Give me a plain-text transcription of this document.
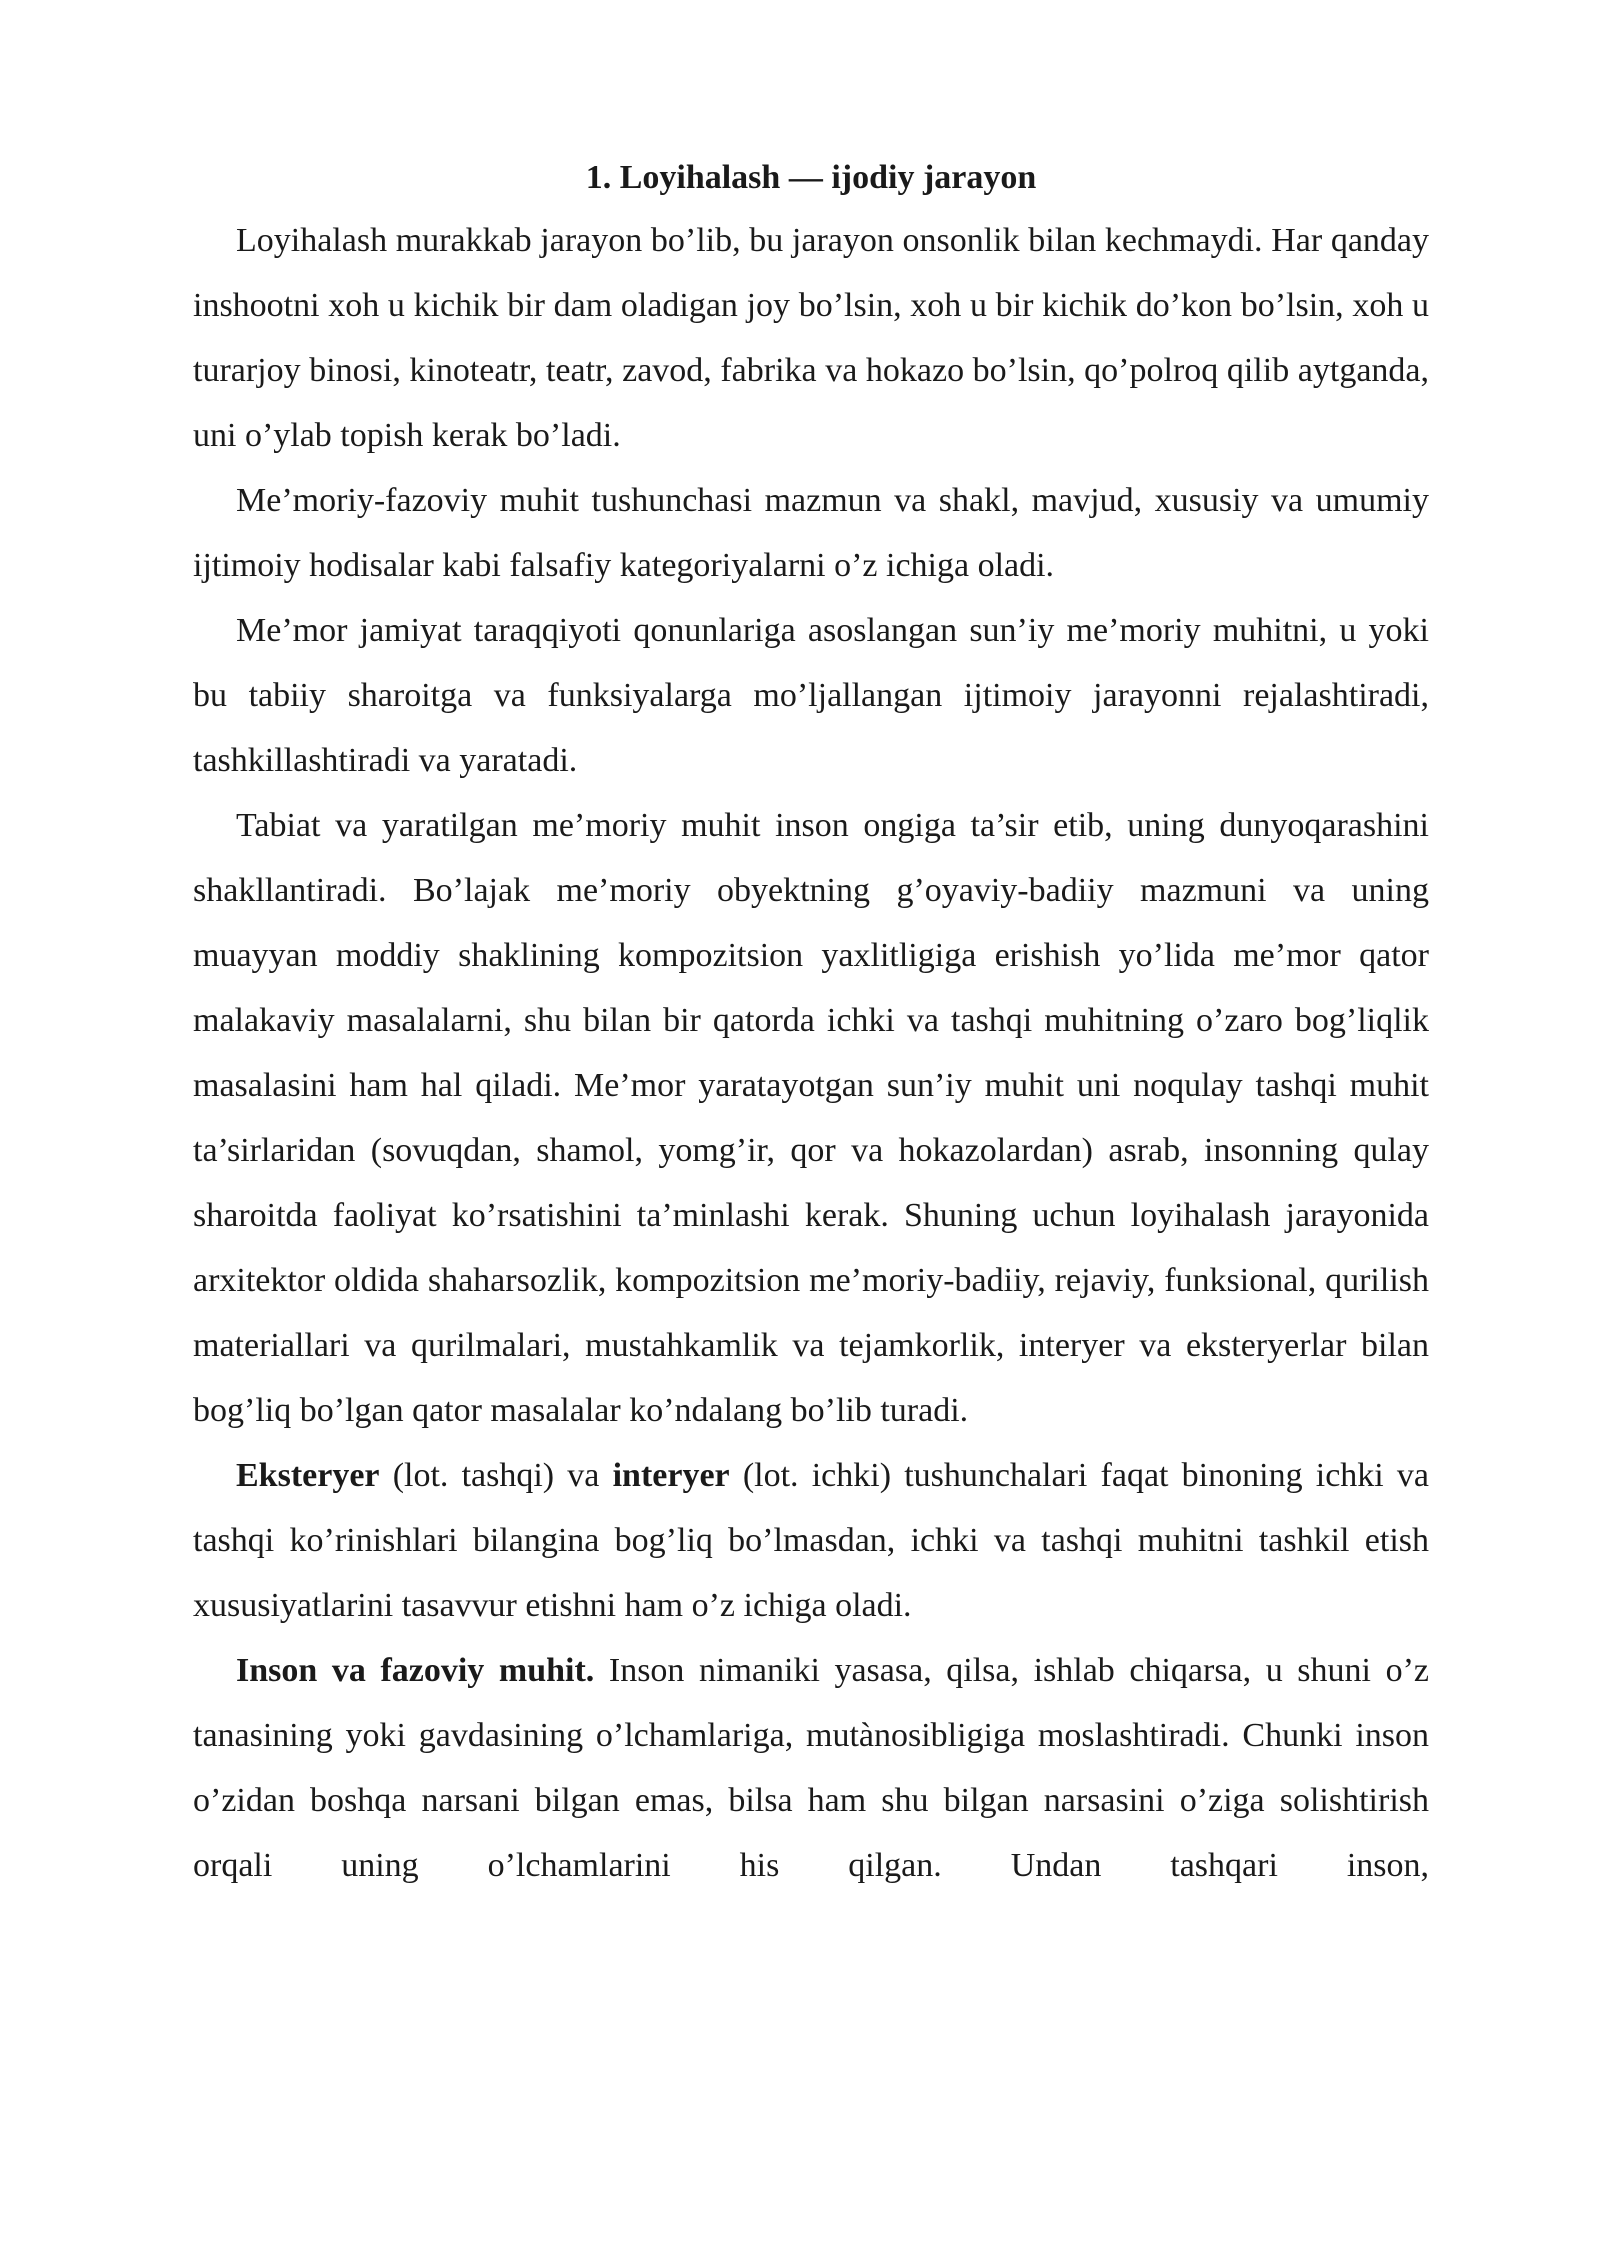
1. Loyihalash — ijodiy jarayon

Loyihalash murakkab jarayon bo’lib, bu jarayon onsonlik bilan kechmaydi. Har qanday inshootni xoh u kichik bir dam oladigan joy bo’lsin, xoh u bir kichik do’kon bo’lsin, xoh u turarjoy binosi, kinoteatr, teatr, zavod, fabrika va hokazo bo’lsin, qo’polroq qilib aytganda, uni o’ylab topish kerak bo’ladi.

Me’moriy-fazoviy muhit tushunchasi mazmun va shakl, mavjud, xususiy va umumiy ijtimoiy hodisalar kabi falsafiy kategoriyalarni o’z ichiga oladi.

Me’mor jamiyat taraqqiyoti qonunlariga asoslangan sun’iy me’moriy muhitni, u yoki bu tabiiy sharoitga va funksiyalarga mo’ljallangan ijtimoiy jarayonni rejalashtiradi, tashkillashtiradi va yaratadi.

Tabiat va yaratilgan me’moriy muhit inson ongiga ta’sir etib, uning dunyoqarashini shakllantiradi. Bo’lajak me’moriy obyektning g’oyaviy-badiiy mazmuni va uning muayyan moddiy shaklining kompozitsion yaxlitligiga erishish yo’lida me’mor qator malakaviy masalalarni, shu bilan bir qatorda ichki va tashqi muhitning o’zaro bog’liqlik masalasini ham hal qiladi. Me’mor yaratayotgan sun’iy muhit uni noqulay tashqi muhit ta’sirlaridan (sovuqdan, shamol, yomg’ir, qor va hokazolardan) asrab, insonning qulay sharoitda faoliyat ko’rsatishini ta’minlashi kerak. Shuning uchun loyihalash jarayonida arxitektor oldida shaharsozlik, kompozitsion me’moriy-badiiy, rejaviy, funksional, qurilish materiallari va qurilmalari, mustahkamlik va tejamkorlik, interyer va eksteryerlar bilan bog’liq bo’lgan qator masalalar ko’ndalang bo’lib turadi.

Eksteryer (lot. tashqi) va interyer (lot. ichki) tushunchalari faqat binoning ichki va tashqi ko’rinishlari bilangina bog’liq bo’lmasdan, ichki va tashqi muhitni tashkil etish xususiyatlarini tasavvur etishni ham o’z ichiga oladi.

Inson va fazoviy muhit. Inson nimaniki yasasa, qilsa, ishlab chiqarsa, u shuni o’z tanasining yoki gavdasining o’lchamlariga, mutànosibligiga moslashtiradi. Chunki inson o’zidan boshqa narsani bilgan emas, bilsa ham shu bilgan narsasini o’ziga solishtirish orqali uning o’lchamlarini his qilgan. Undan tashqari inson,
